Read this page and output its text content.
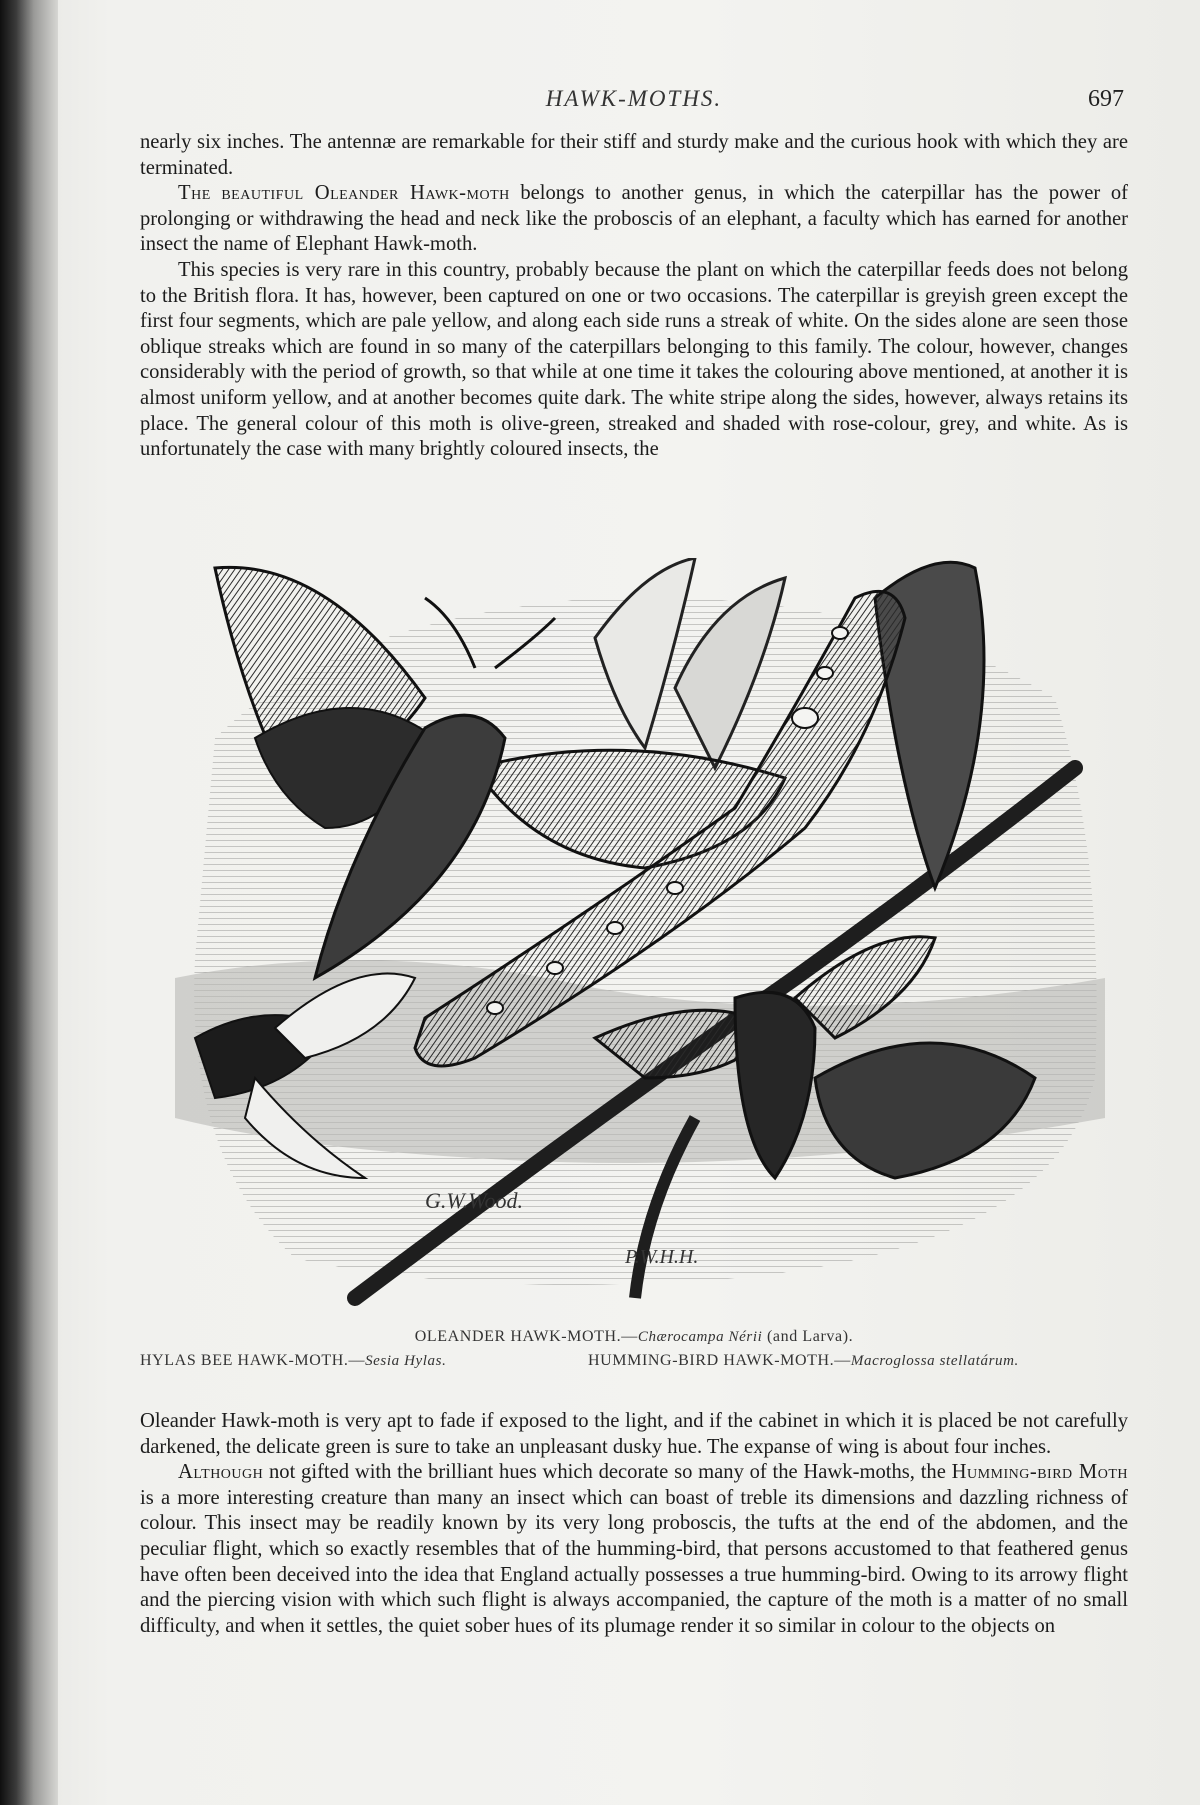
HAWK-MOTHS.	697

nearly six inches. The antennæ are remarkable for their stiff and sturdy make and the curious hook with which they are terminated.

The beautiful Oleander Hawk-moth belongs to another genus, in which the caterpillar has the power of prolonging or withdrawing the head and neck like the proboscis of an elephant, a faculty which has earned for another insect the name of Elephant Hawk-moth.

This species is very rare in this country, probably because the plant on which the caterpillar feeds does not belong to the British flora. It has, however, been captured on one or two occasions. The caterpillar is greyish green except the first four segments, which are pale yellow, and along each side runs a streak of white. On the sides alone are seen those oblique streaks which are found in so many of the caterpillars belonging to this family. The colour, however, changes considerably with the period of growth, so that while at one time it takes the colouring above mentioned, at another it is almost uniform yellow, and at another becomes quite dark. The white stripe along the sides, however, always retains its place. The general colour of this moth is olive-green, streaked and shaded with rose-colour, grey, and white. As is unfortunately the case with many brightly coloured insects, the

G.W.Wood.
P.W.H.H.
OLEANDER HAWK-MOTH.—Chærocampa Nérii (and Larva).
HYLAS BEE HAWK-MOTH.—Sesia Hylas.	HUMMING-BIRD HAWK-MOTH.—Macroglossa stellatárum.

Oleander Hawk-moth is very apt to fade if exposed to the light, and if the cabinet in which it is placed be not carefully darkened, the delicate green is sure to take an unpleasant dusky hue. The expanse of wing is about four inches.

Although not gifted with the brilliant hues which decorate so many of the Hawk-moths, the Humming-bird Moth is a more interesting creature than many an insect which can boast of treble its dimensions and dazzling richness of colour. This insect may be readily known by its very long proboscis, the tufts at the end of the abdomen, and the peculiar flight, which so exactly resembles that of the humming-bird, that persons accustomed to that feathered genus have often been deceived into the idea that England actually possesses a true humming-bird. Owing to its arrowy flight and the piercing vision with which such flight is always accompanied, the capture of the moth is a matter of no small difficulty, and when it settles, the quiet sober hues of its plumage render it so similar in colour to the objects on
